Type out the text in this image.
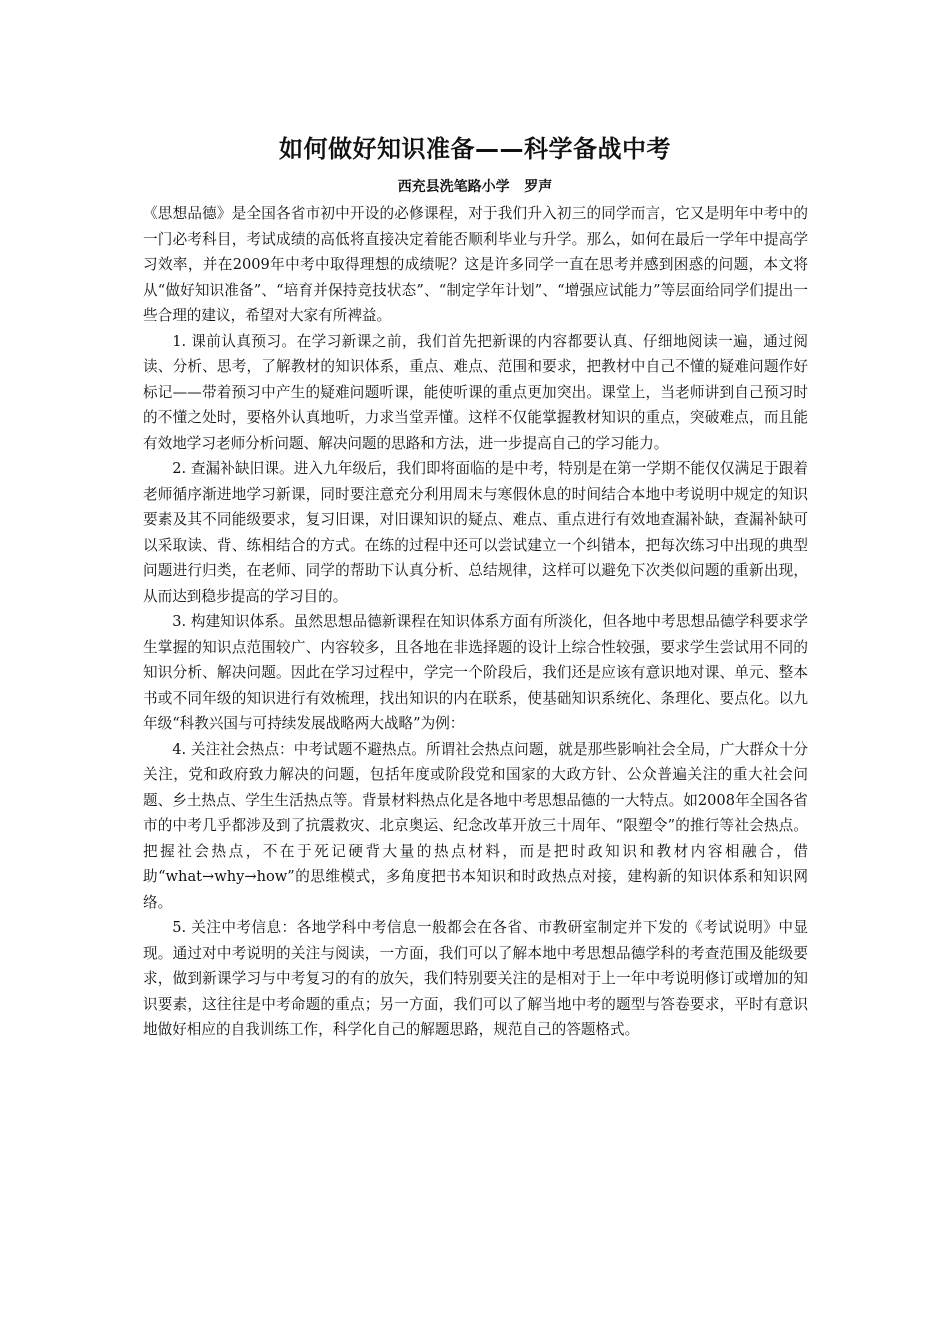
如何做好知识准备——科学备战中考
西充县洗笔路小学   罗声

《思想品德》是全国各省市初中开设的必修课程，对于我们升入初三的同学而言，它又是明年中考中的一门必考科目，考试成绩的高低将直接决定着能否顺利毕业与升学。那么，如何在最后一学年中提高学习效率，并在2009年中考中取得理想的成绩呢？这是许多同学一直在思考并感到困惑的问题，本文将从“做好知识准备”、“培育并保持竞技状态”、“制定学年计划”、“增强应试能力”等层面给同学们提出一些合理的建议，希望对大家有所裨益。

1. 课前认真预习。在学习新课之前，我们首先把新课的内容都要认真、仔细地阅读一遍，通过阅读、分析、思考，了解教材的知识体系，重点、难点、范围和要求，把教材中自己不懂的疑难问题作好标记——带着预习中产生的疑难问题听课，能使听课的重点更加突出。课堂上，当老师讲到自己预习时的不懂之处时，要格外认真地听，力求当堂弄懂。这样不仅能掌握教材知识的重点，突破难点，而且能有效地学习老师分析问题、解决问题的思路和方法，进一步提高自己的学习能力。

2. 查漏补缺旧课。进入九年级后，我们即将面临的是中考，特别是在第一学期不能仅仅满足于跟着老师循序渐进地学习新课，同时要注意充分利用周末与寒假休息的时间结合本地中考说明中规定的知识要素及其不同能级要求，复习旧课，对旧课知识的疑点、难点、重点进行有效地查漏补缺，查漏补缺可以采取读、背、练相结合的方式。在练的过程中还可以尝试建立一个纠错本，把每次练习中出现的典型问题进行归类，在老师、同学的帮助下认真分析、总结规律，这样可以避免下次类似问题的重新出现，从而达到稳步提高的学习目的。

3. 构建知识体系。虽然思想品德新课程在知识体系方面有所淡化，但各地中考思想品德学科要求学生掌握的知识点范围较广、内容较多，且各地在非选择题的设计上综合性较强，要求学生尝试用不同的知识分析、解决问题。因此在学习过程中，学完一个阶段后，我们还是应该有意识地对课、单元、整本书或不同年级的知识进行有效梳理，找出知识的内在联系，使基础知识系统化、条理化、要点化。以九年级“科教兴国与可持续发展战略两大战略”为例：

4. 关注社会热点：中考试题不避热点。所谓社会热点问题，就是那些影响社会全局，广大群众十分关注，党和政府致力解决的问题，包括年度或阶段党和国家的大政方针、公众普遍关注的重大社会问题、乡土热点、学生生活热点等。背景材料热点化是各地中考思想品德的一大特点。如2008年全国各省市的中考几乎都涉及到了抗震救灾、北京奥运、纪念改革开放三十周年、“限塑令”的推行等社会热点。把握社会热点，不在于死记硬背大量的热点材料，而是把时政知识和教材内容相融合，借助“what→why→how”的思维模式，多角度把书本知识和时政热点对接，建构新的知识体系和知识网络。

5. 关注中考信息：各地学科中考信息一般都会在各省、市教研室制定并下发的《考试说明》中显现。通过对中考说明的关注与阅读，一方面，我们可以了解本地中考思想品德学科的考查范围及能级要求，做到新课学习与中考复习的有的放矢，我们特别要关注的是相对于上一年中考说明修订或增加的知识要素，这往往是中考命题的重点；另一方面，我们可以了解当地中考的题型与答卷要求，平时有意识地做好相应的自我训练工作，科学化自己的解题思路，规范自己的答题格式。
